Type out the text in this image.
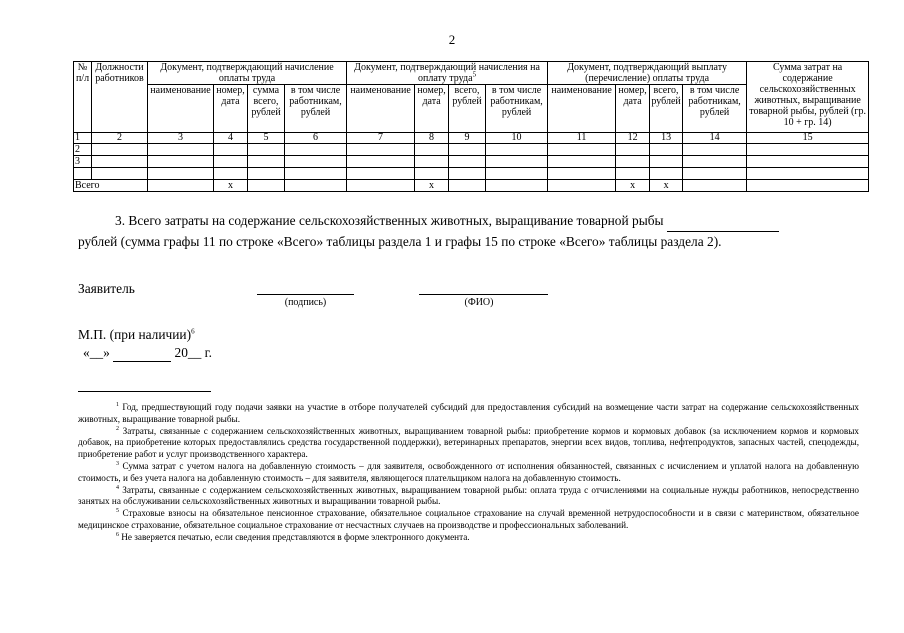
2
№ п/л	Должности работников	Документ, подтверждающий начисление оплаты труда				Документ, подтверждающий начисления на оплату труда$^5$				Документ, подтверждающий выплату (перечисление) оплаты труда				Сумма затрат на содержание сельскохозяйственных животных, выращивание товарной рыбы, рублей (гр. 10 + гр. 14)
		наименование	номер, дата	сумма всего, рублей	в том числе работникам, рублей	наименование	номер, дата	всего, рублей	в том числе работникам, рублей	наименование	номер, дата	всего, рублей	в том числе работникам, рублей	
1	2	3	4	5	6	7	8	9	10	11	12	13	14	15
2														
3														

Всего			x				x				x	x		
3. Всего затраты на содержание сельскохозяйственных животных, выращивание товарной рыбы
рублей (сумма графы 11 по строке «Всего» таблицы раздела 1 и графы 15 по строке «Всего» таблицы раздела 2).
Заявитель
(подпись)	(ФИО)
М.П. (при наличии)$^6$
«__»	20__ г.

$^1$ Год, предшествующий году подачи заявки на участие в отборе получателей субсидий для предоставления субсидий на возмещение части затрат на содержание сельскохозяйственных животных, выращивание товарной рыбы.

$^2$ Затраты, связанные с содержанием сельскохозяйственных животных, выращиванием товарной рыбы: приобретение кормов и кормовых добавок (за исключением кормов и кормовых добавок, на приобретение которых предоставлялись средства государственной поддержки), ветеринарных препаратов, энергии всех видов, топлива, нефтепродуктов, запасных частей, спецодежды, приобретение работ и услуг производственного характера.

$^3$ Сумма затрат с учетом налога на добавленную стоимость – для заявителя, освобожденного от исполнения обязанностей, связанных с исчислением и уплатой налога на добавленную стоимость, и без учета налога на добавленную стоимость – для заявителя, являющегося плательщиком налога на добавленную стоимость.

$^4$ Затраты, связанные с содержанием сельскохозяйственных животных, выращиванием товарной рыбы: оплата труда с отчислениями на социальные нужды работников, непосредственно занятых на обслуживании сельскохозяйственных животных и выращивании товарной рыбы.

$^5$ Страховые взносы на обязательное пенсионное страхование, обязательное социальное страхование на случай временной нетрудоспособности и в связи с материнством, обязательное медицинское страхование, обязательное социальное страхование от несчастных случаев на производстве и профессиональных заболеваний.

$^6$ Не заверяется печатью, если сведения представляются в форме электронного документа.
